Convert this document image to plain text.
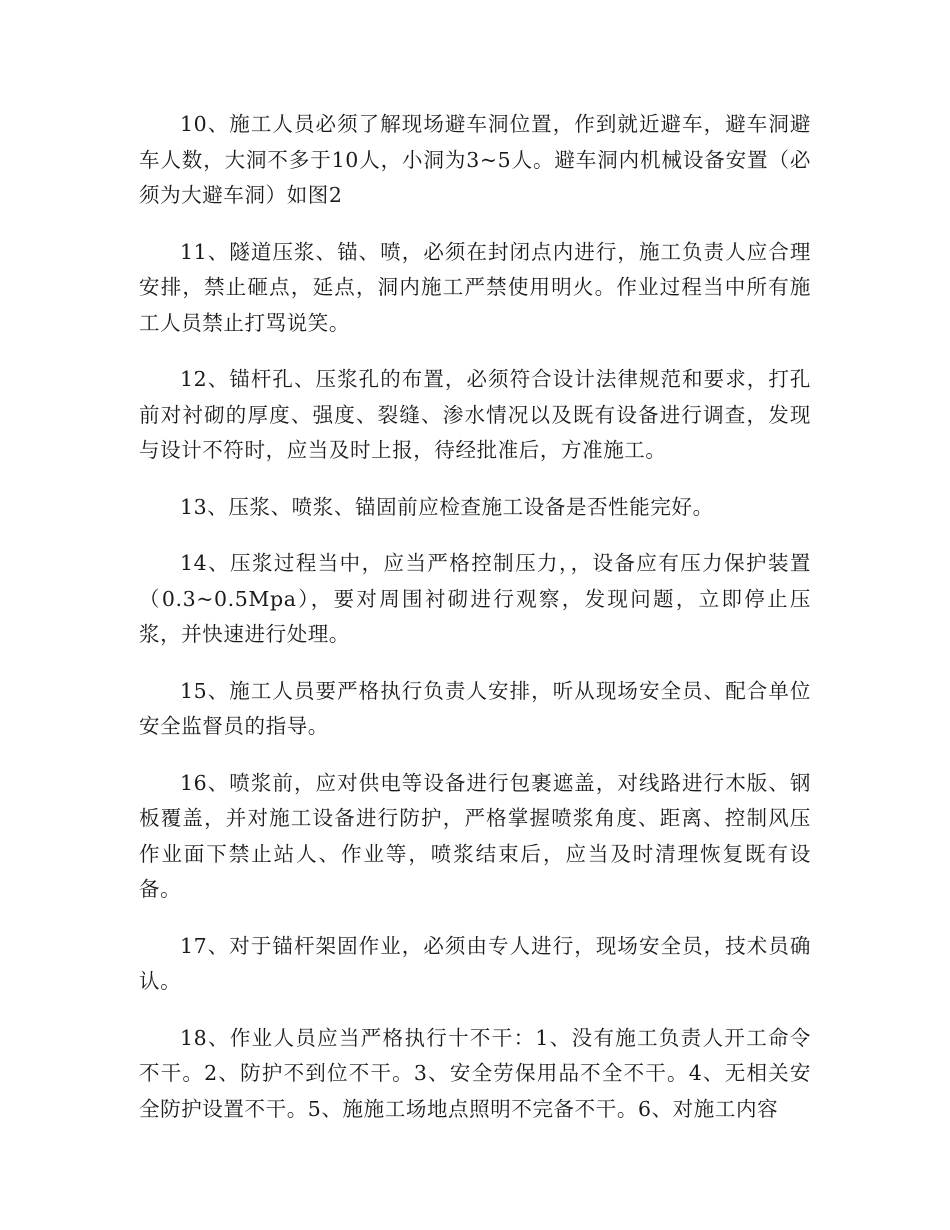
10、施工人员必须了解现场避车洞位置，作到就近避车，避车洞避车人数，大洞不多于10人，小洞为3~5人。避车洞内机械设备安置（必须为大避车洞）如图2

11、隧道压浆、锚、喷，必须在封闭点内进行，施工负责人应合理安排，禁止砸点，延点，洞内施工严禁使用明火。作业过程当中所有施工人员禁止打骂说笑。

12、锚杆孔、压浆孔的布置，必须符合设计法律规范和要求，打孔前对衬砌的厚度、强度、裂缝、渗水情况以及既有设备进行调查，发现与设计不符时，应当及时上报，待经批准后，方准施工。

13、压浆、喷浆、锚固前应检查施工设备是否性能完好。

14、压浆过程当中，应当严格控制压力，，设备应有压力保护装置（0.3~0.5Mpa），要对周围衬砌进行观察，发现问题，立即停止压浆，并快速进行处理。

15、施工人员要严格执行负责人安排，听从现场安全员、配合单位安全监督员的指导。

16、喷浆前，应对供电等设备进行包裹遮盖，对线路进行木版、钢板覆盖，并对施工设备进行防护，严格掌握喷浆角度、距离、控制风压作业面下禁止站人、作业等，喷浆结束后，应当及时清理恢复既有设备。

17、对于锚杆架固作业，必须由专人进行，现场安全员，技术员确认。

18、作业人员应当严格执行十不干：1、没有施工负责人开工命令不干。2、防护不到位不干。3、安全劳保用品不全不干。4、无相关安全防护设置不干。5、施施工场地点照明不完备不干。6、对施工内容
